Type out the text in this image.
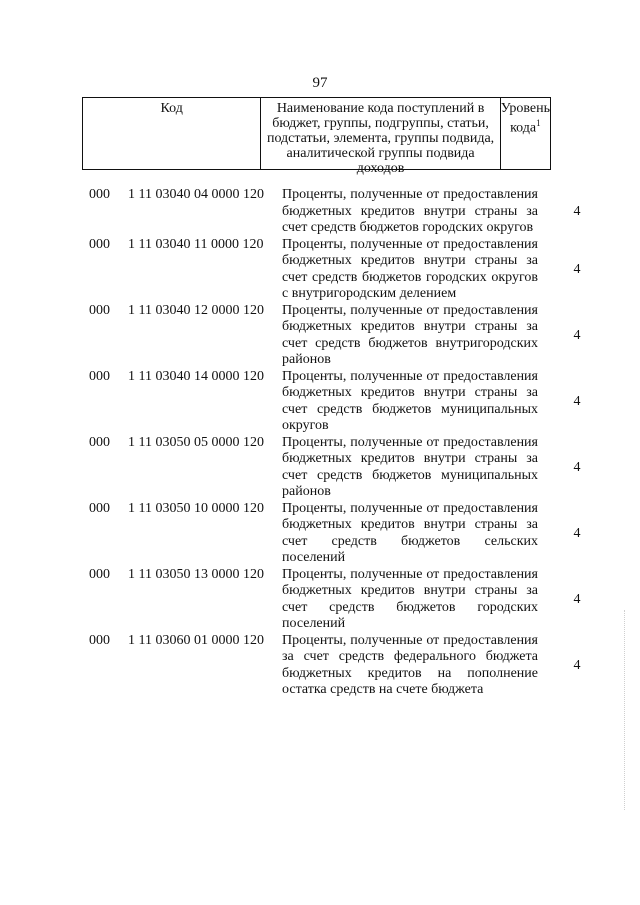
97
Код	Наименование кода поступлений в бюджет, группы, подгруппы, статьи, подстатьи, элемента, группы подвида, аналитической группы подвида доходов
Уровень кода$^1$
000 1 11 03040 04 0000 120 Проценты, полученные от предоставления бюджетных кредитов внутри страны за счет средств бюджетов городских округов
4
000 1 11 03040 11 0000 120 Проценты, полученные от предоставления бюджетных кредитов внутри страны за счет средств бюджетов городских округов с внутригородским делением
4
000 1 11 03040 12 0000 120 Проценты, полученные от предоставления бюджетных кредитов внутри страны за счет средств бюджетов внутригородских районов
4
000 1 11 03040 14 0000 120 Проценты, полученные от предоставления бюджетных кредитов внутри страны за счет средств бюджетов муниципальных округов
4
000 1 11 03050 05 0000 120 Проценты, полученные от предоставления бюджетных кредитов внутри страны за счет средств бюджетов муниципальных районов
4
000 1 11 03050 10 0000 120 Проценты, полученные от предоставления бюджетных кредитов внутри страны за счет средств бюджетов сельских поселений
4
000 1 11 03050 13 0000 120 Проценты, полученные от предоставления бюджетных кредитов внутри страны за счет средств бюджетов городских поселений
4
000 1 11 03060 01 0000 120 Проценты, полученные от предоставления за счет средств федерального бюджета бюджетных кредитов на пополнение остатка средств на счете бюджета
4
